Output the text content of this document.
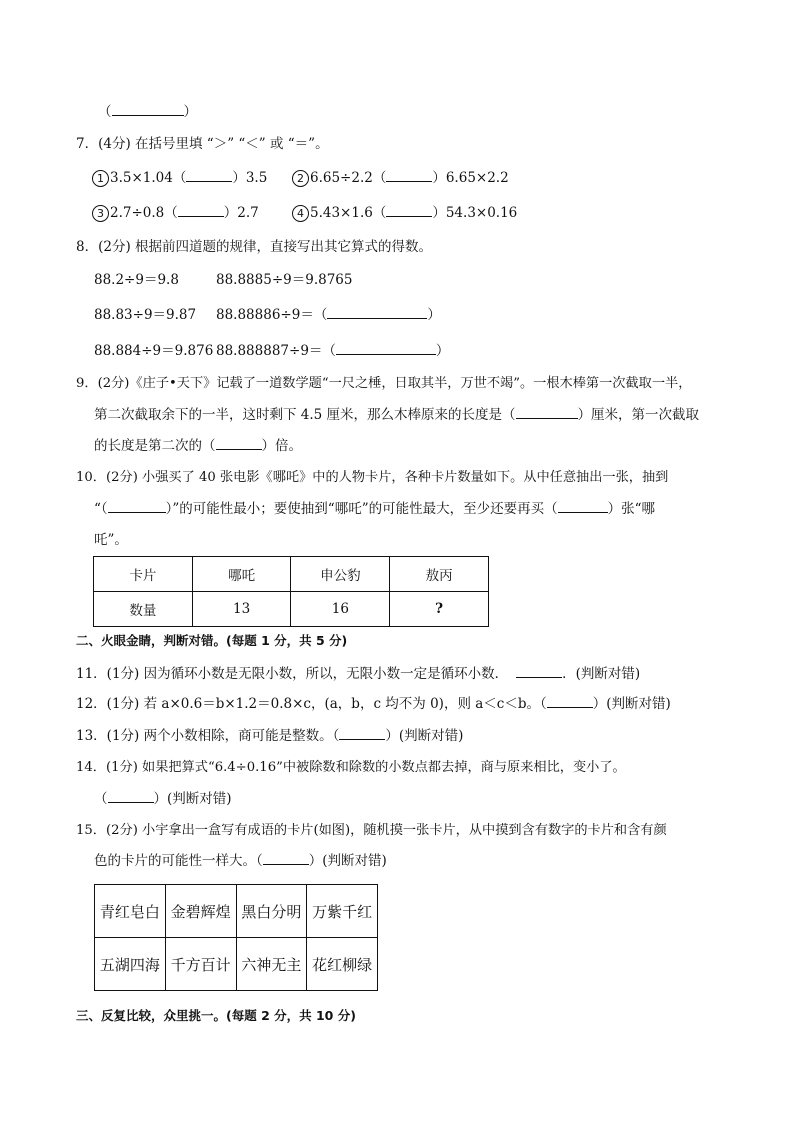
（	）
7．(4分) 在括号里填 “＞” “＜” 或 “＝”。
1 3.5×1.04（	）3.5	2 6.65÷2.2（	）6.65×2.2
3 2.7÷0.8（	）2.7	4 5.43×1.6（	）54.3×0.16
8．(2分) 根据前四道题的规律，直接写出其它算式的得数。
88.2÷9＝9.8	88.8885÷9＝9.8765
88.83÷9＝9.87 88.88886÷9＝（	）
88.884÷9＝9.876 88.888887÷9＝（	）
9．(2分)《庄子•天下》记载了一道数学题“一尺之棰，日取其半，万世不竭”。一根木棒第一次截取一半，
第二次截取余下的一半，这时剩下 4.5 厘米，那么木棒原来的长度是（	）厘米，第一次截取
的长度是第二次的（	）倍。
10．(2分) 小强买了 40 张电影《哪吒》中的人物卡片，各种卡片数量如下。从中任意抽出一张，抽到
“（	）”的可能性最小；要使抽到“哪吒”的可能性最大，至少还要再买（	）张“哪
吒”。
卡片	哪吒	申公豹	敖丙
数量	13	16	?
二、火眼金睛，判断对错。(每题 1 分，共 5 分)
11．(1分) 因为循环小数是无限小数，所以，无限小数一定是循环小数．	．(判断对错)
12．(1分) 若 a×0.6＝b×1.2＝0.8×c，(a，b，c 均不为 0)，则 a＜c＜b。（	）(判断对错)
13．(1分) 两个小数相除，商可能是整数。（	）(判断对错)
14．(1分) 如果把算式“6.4÷0.16”中被除数和除数的小数点都去掉，商与原来相比，变小了。
（	）(判断对错)
15．(2分) 小宇拿出一盒写有成语的卡片(如图)，随机摸一张卡片，从中摸到含有数字的卡片和含有颜
色的卡片的可能性一样大。（	）(判断对错)
青红皂白	金碧辉煌	黑白分明	万紫千红
五湖四海	千方百计	六神无主	花红柳绿
三、反复比较，众里挑一。(每题 2 分，共 10 分)
